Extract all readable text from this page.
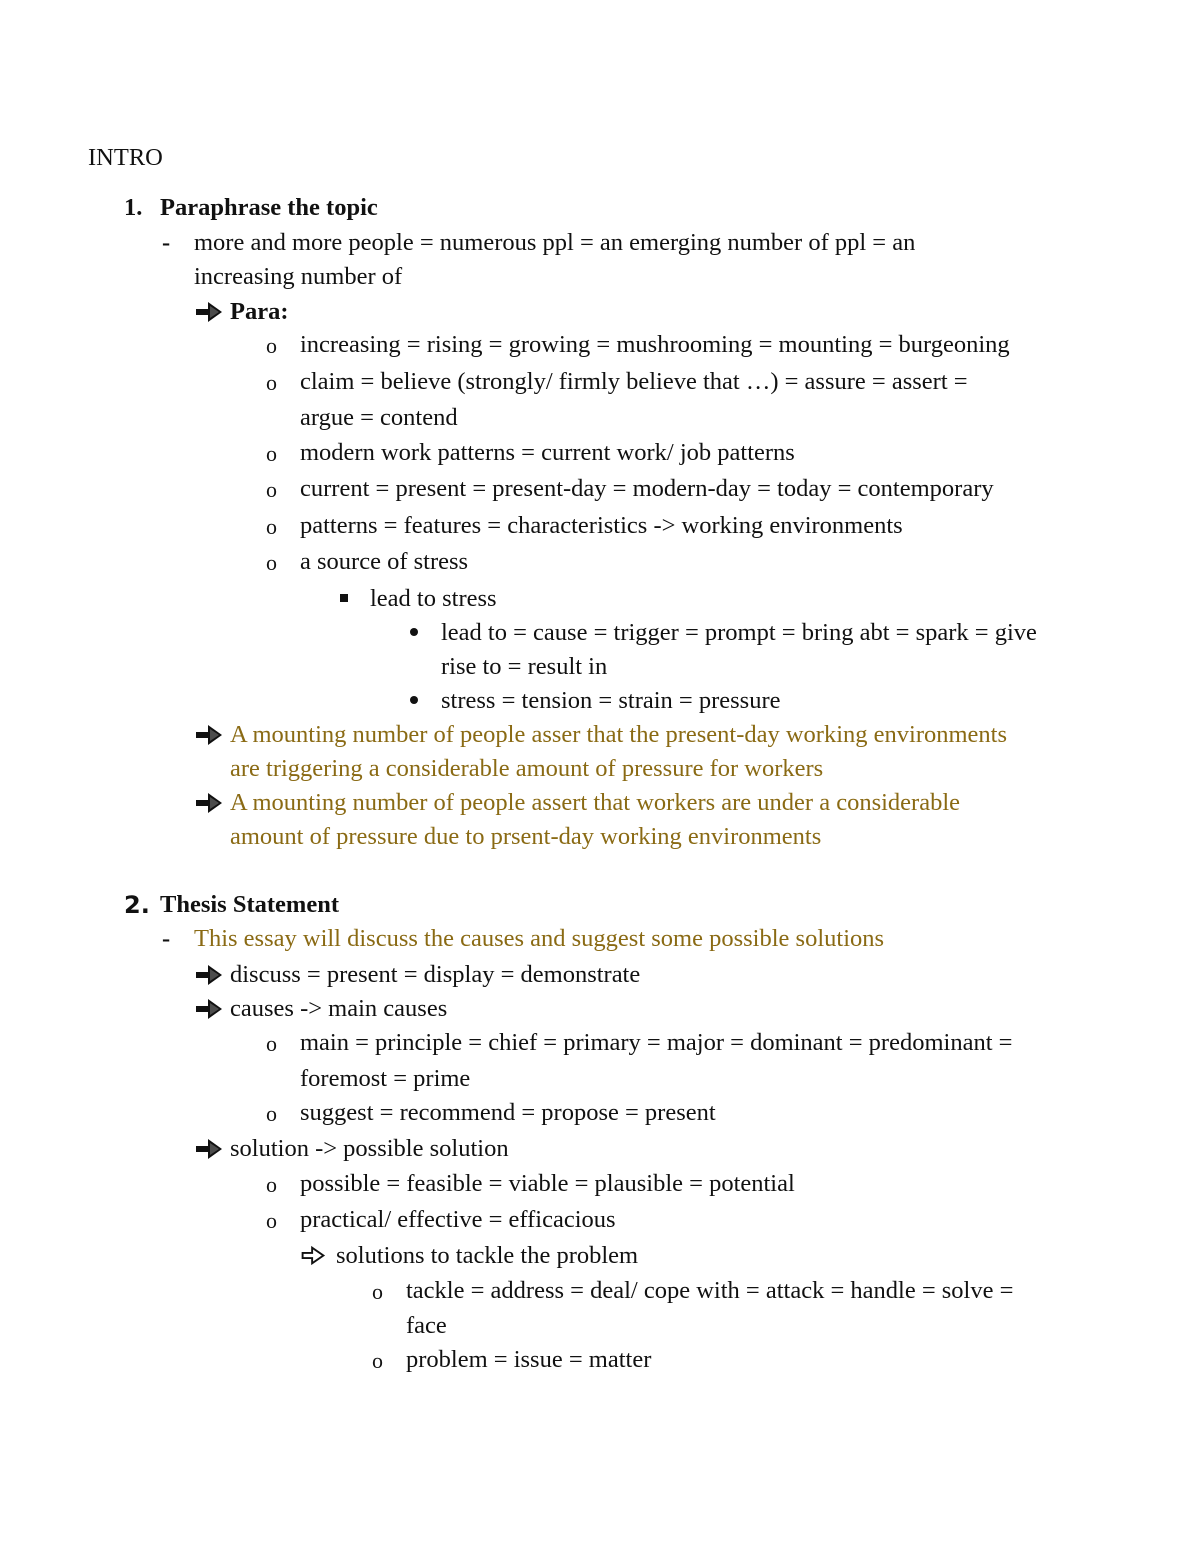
INTRO
1. Paraphrase the topic
- more and more people = numerous ppl = an emerging number of ppl = an
increasing number of
Para:
o increasing = rising = growing = mushrooming = mounting = burgeoning
o claim = believe (strongly/ firmly believe that …) = assure = assert =
argue = contend
o modern work patterns = current work/ job patterns
o current = present = present-day = modern-day = today = contemporary
o patterns = features = characteristics -> working environments
o a source of stress
lead to stress
lead to = cause = trigger = prompt = bring abt = spark = give
rise to = result in
stress = tension = strain = pressure
A mounting number of people asser that the present-day working environments
are triggering a considerable amount of pressure for workers
A mounting number of people assert that workers are under a considerable
amount of pressure due to prsent-day working environments
2. Thesis Statement
- This essay will discuss the causes and suggest some possible solutions
discuss = present = display = demonstrate
causes -> main causes
o main = principle = chief = primary = major = dominant = predominant =
foremost = prime
o suggest = recommend = propose = present
solution -> possible solution
o possible = feasible = viable = plausible = potential
o practical/ effective = efficacious
solutions to tackle the problem
o tackle = address = deal/ cope with = attack = handle = solve =
face
o problem = issue = matter
